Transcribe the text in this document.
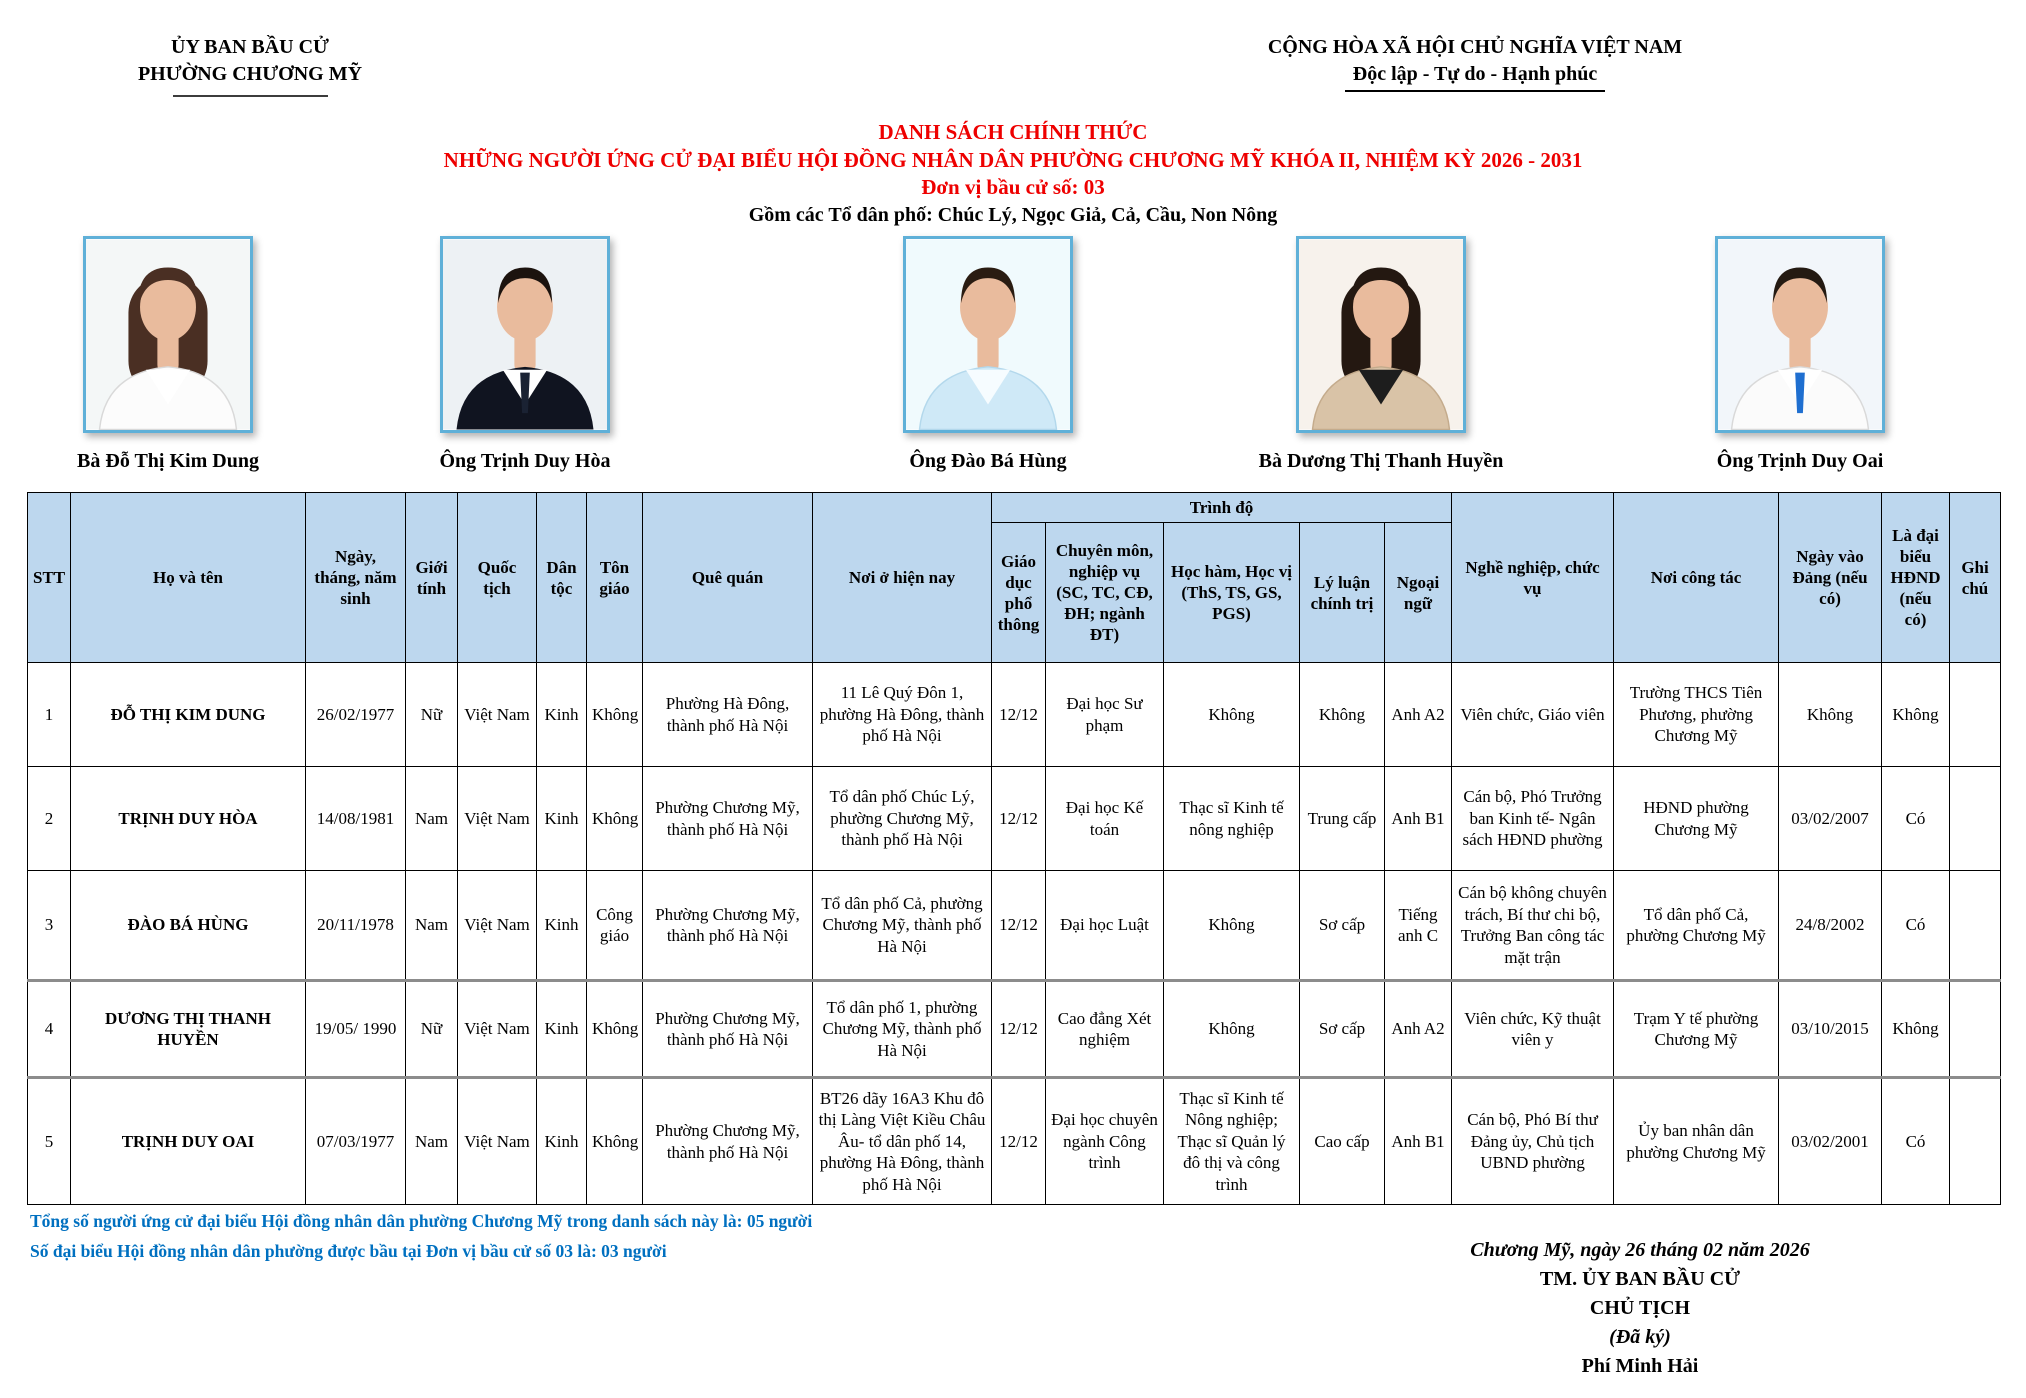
ỦY BAN BẦU CỬ
PHƯỜNG CHƯƠNG MỸ
CỘNG HÒA XÃ HỘI CHỦ NGHĨA VIỆT NAM
Độc lập - Tự do - Hạnh phúc
DANH SÁCH CHÍNH THỨC
NHỮNG NGƯỜI ỨNG CỬ ĐẠI BIỂU HỘI ĐỒNG NHÂN DÂN PHƯỜNG CHƯƠNG MỸ KHÓA II, NHIỆM KỲ 2026 - 2031
Đơn vị bầu cử số: 03
Gồm các Tổ dân phố: Chúc Lý, Ngọc Giả, Cả, Cầu, Non Nông
Bà Đỗ Thị Kim Dung	Ông Trịnh Duy Hòa	Ông Đào Bá Hùng	Bà Dương Thị Thanh Huyền	Ông Trịnh Duy Oai
STT	Họ và tên	Ngày, tháng, năm sinh	Giới tính	Quốc tịch	Dân tộc	Tôn giáo	Quê quán	Nơi ở hiện nay	Trình độ					Nghề nghiệp, chức vụ	Nơi công tác	Ngày vào Đảng (nếu có)	Là đại biểu HĐND (nếu có)	Ghi chú
									Giáo dục phổ thông	Chuyên môn, nghiệp vụ (SC, TC, CĐ, ĐH; ngành ĐT)	Học hàm, Học vị (ThS, TS, GS, PGS)	Lý luận chính trị	Ngoại ngữ					
1	ĐỖ THỊ KIM DUNG	26/02/1977	Nữ	Việt Nam	Kinh	Không	Phường Hà Đông, thành phố Hà Nội	11 Lê Quý Đôn 1, phường Hà Đông, thành phố Hà Nội	12/12	Đại học Sư phạm	Không	Không	Anh A2	Viên chức, Giáo viên	Trường THCS Tiên Phương, phường Chương Mỹ	Không	Không	
2	TRỊNH DUY HÒA	14/08/1981	Nam	Việt Nam	Kinh	Không	Phường Chương Mỹ, thành phố Hà Nội	Tổ dân phố Chúc Lý, phường Chương Mỹ, thành phố Hà Nội	12/12	Đại học Kế toán	Thạc sĩ Kinh tế nông nghiệp	Trung cấp	Anh B1	Cán bộ, Phó Trưởng ban Kinh tế- Ngân sách HĐND phường	HĐND phường Chương Mỹ	03/02/2007	Có	
3	ĐÀO BÁ HÙNG	20/11/1978	Nam	Việt Nam	Kinh	Công giáo	Phường Chương Mỹ, thành phố Hà Nội	Tổ dân phố Cả, phường Chương Mỹ, thành phố Hà Nội	12/12	Đại học Luật	Không	Sơ cấp	Tiếng anh C	Cán bộ không chuyên trách, Bí thư chi bộ, Trưởng Ban công tác mặt trận	Tổ dân phố Cả, phường Chương Mỹ	24/8/2002	Có	
4	DƯƠNG THỊ THANH HUYỀN	19/05/ 1990	Nữ	Việt Nam	Kinh	Không	Phường Chương Mỹ, thành phố Hà Nội	Tổ dân phố 1, phường Chương Mỹ, thành phố Hà Nội	12/12	Cao đẳng Xét nghiệm	Không	Sơ cấp	Anh A2	Viên chức, Kỹ thuật viên y	Trạm Y tế phường Chương Mỹ	03/10/2015	Không	
5	TRỊNH DUY OAI	07/03/1977	Nam	Việt Nam	Kinh	Không	Phường Chương Mỹ, thành phố Hà Nội	BT26 dãy 16A3 Khu đô thị Làng Việt Kiều Châu Âu- tổ dân phố 14, phường Hà Đông, thành phố Hà Nội	12/12	Đại học chuyên ngành Công trình	Thạc sĩ Kinh tế Nông nghiệp; Thạc sĩ Quản lý đô thị và công trình	Cao cấp	Anh B1	Cán bộ, Phó Bí thư Đảng ủy, Chủ tịch UBND phường	Ủy ban nhân dân phường Chương Mỹ	03/02/2001	Có	
Tổng số người ứng cử đại biểu Hội đồng nhân dân phường Chương Mỹ trong danh sách này là: 05 người
Số đại biểu Hội đồng nhân dân phường được bầu tại Đơn vị bầu cử số 03 là: 03 người	Chương Mỹ, ngày 26 tháng 02 năm 2026
TM. ỦY BAN BẦU CỬ
CHỦ TỊCH
(Đã ký)
Phí Minh Hải
